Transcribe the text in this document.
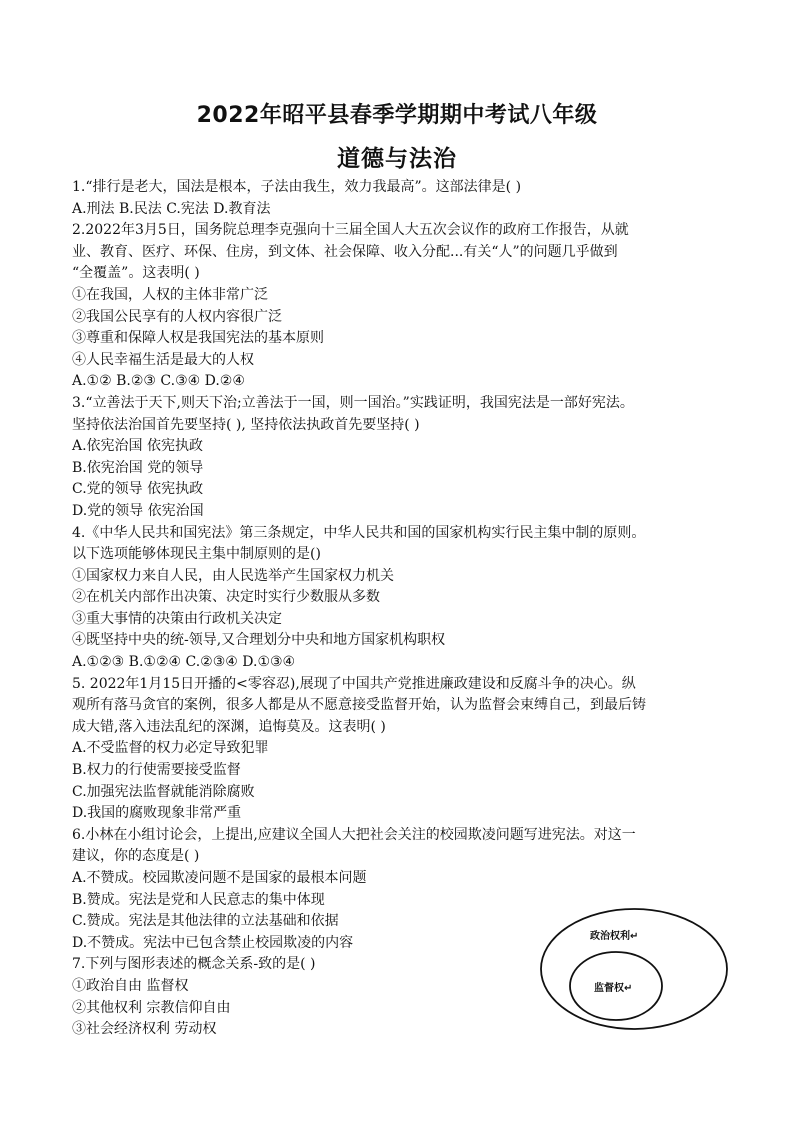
2022年昭平县春季学期期中考试八年级
道德与法治
1.“排行是老大，国法是根本，子法由我生，效力我最高”。这部法律是( )
A.刑法 B.民法 C.宪法 D.教育法
2.2022年3月5日，国务院总理李克强向十三届全国人大五次会议作的政府工作报告，从就
业、教育、医疗、环保、住房，到文体、社会保障、收入分配...有关“人”的问题几乎做到
“全覆盖”。这表明( )
①在我国，人权的主体非常广泛
②我国公民享有的人权内容很广泛
③尊重和保障人权是我国宪法的基本原则
④人民幸福生活是最大的人权
A.①② B.②③ C.③④ D.②④
3.“立善法于天下,则天下治;立善法于一国，则一国治。”实践证明，我国宪法是一部好宪法。
坚持依法治国首先要坚持( ), 坚持依法执政首先要坚持( )
A.依宪治国 依宪执政
B.依宪治国 党的领导
C.党的领导 依宪执政
D.党的领导 依宪治国
4.《中华人民共和国宪法》第三条规定，中华人民共和国的国家机构实行民主集中制的原则。
以下选项能够体现民主集中制原则的是()
①国家权力来自人民，由人民选举产生国家权力机关
②在机关内部作出决策、决定时实行少数服从多数
③重大事情的决策由行政机关决定
④既坚持中央的统-领导,又合理划分中央和地方国家机构职权
A.①②③ B.①②④ C.②③④ D.①③④
5. 2022年1月15日开播的<零容忍),展现了中国共产党推进廉政建设和反腐斗争的决心。纵
观所有落马贪官的案例，很多人都是从不愿意接受监督开始，认为监督会束缚自己，到最后铸
成大错,落入违法乱纪的深渊，追悔莫及。这表明( )
A.不受监督的权力必定导致犯罪
B.权力的行使需要接受监督
C.加强宪法监督就能消除腐败
D.我国的腐败现象非常严重
6.小林在小组讨论会，上提出,应建议全国人大把社会关注的校园欺凌问题写进宪法。对这一
建议，你的态度是( )
A.不赞成。校园欺凌问题不是国家的最根本问题
B.赞成。宪法是党和人民意志的集中体现
C.赞成。宪法是其他法律的立法基础和依据
D.不赞成。宪法中已包含禁止校园欺凌的内容
7.下列与图形表述的概念关系-致的是( )
①政治自由 监督权
②其他权利 宗教信仰自由
③社会经济权利 劳动权
政治权利↵
监督权↵
